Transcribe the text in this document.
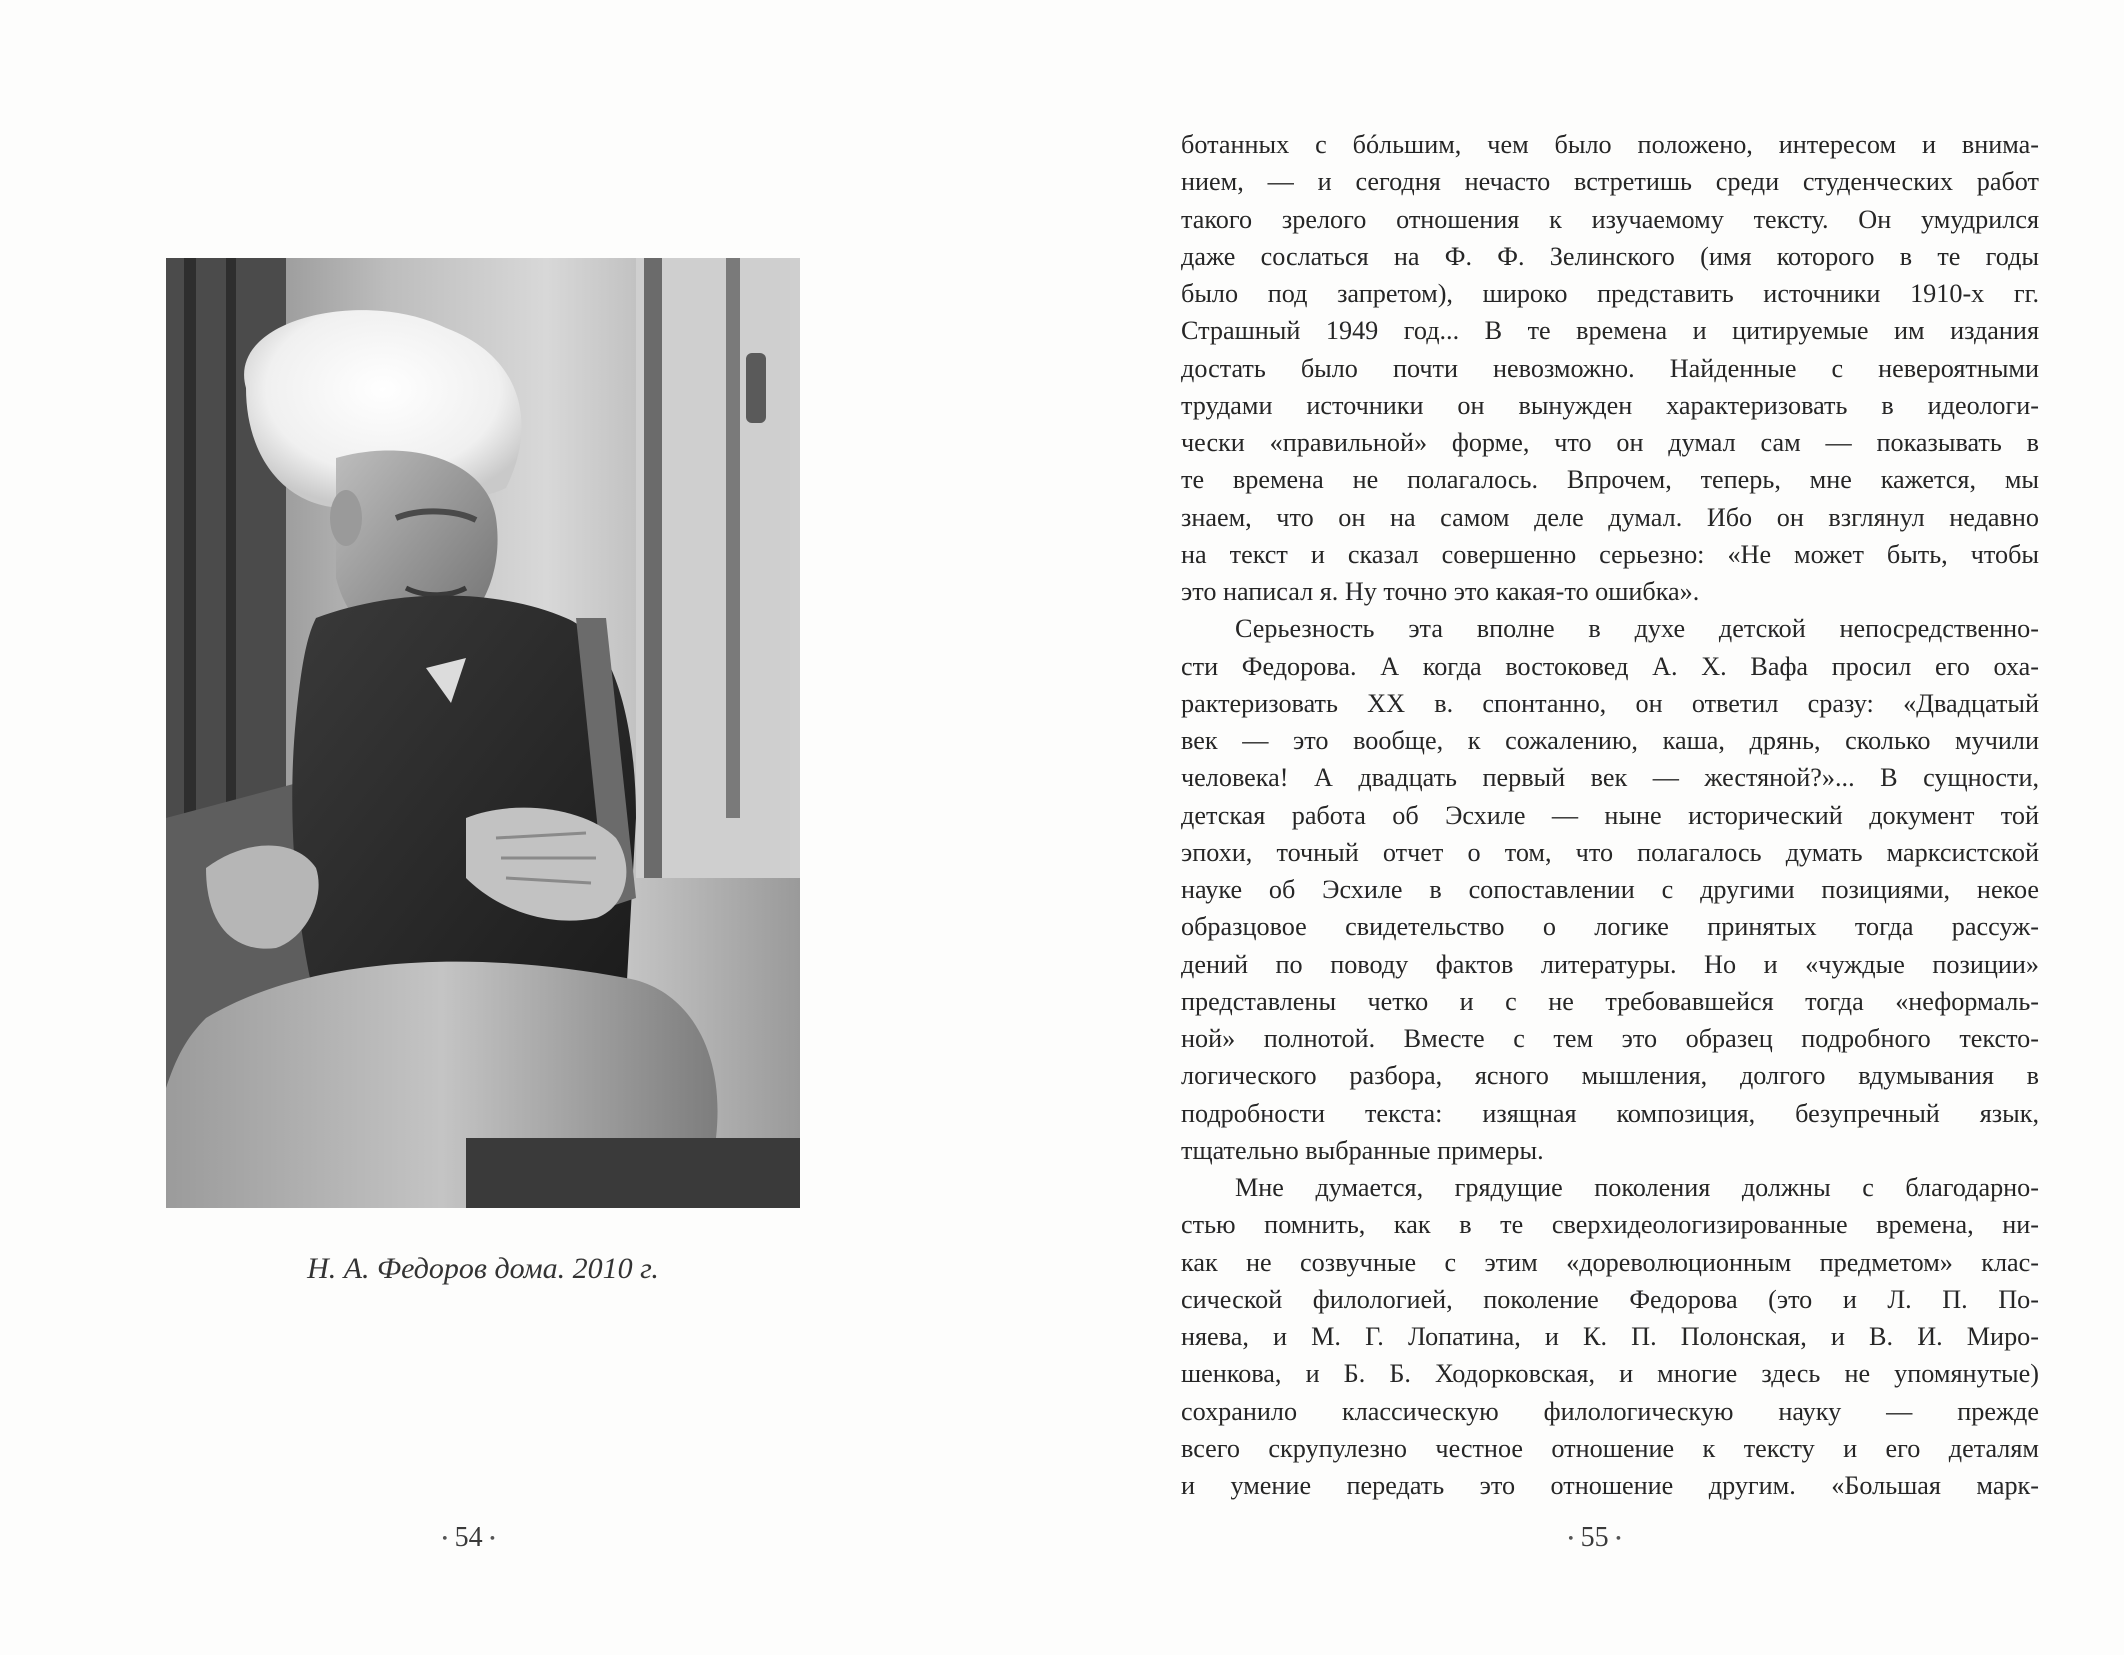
Н. А. Федоров дома. 2010 г.
• 54 •
ботанных с бóльшим, чем было положено, интересом и внима-
нием, — и сегодня нечасто встретишь среди студенческих работ
такого зрелого отношения к изучаемому тексту. Он умудрился
даже сослаться на Ф. Ф. Зелинского (имя которого в те годы
было под запретом), широко представить источники 1910-х гг.
Страшный 1949 год... В те времена и цитируемые им издания
достать было почти невозможно. Найденные с невероятными
трудами источники он вынужден характеризовать в идеологи-
чески «правильной» форме, что он думал сам — показывать в
те времена не полагалось. Впрочем, теперь, мне кажется, мы
знаем, что он на самом деле думал. Ибо он взглянул недавно
на текст и сказал совершенно серьезно: «Не может быть, чтобы
это написал я. Ну точно это какая-то ошибка».
Серьезность эта вполне в духе детской непосредственно-
сти Федорова. А когда востоковед А. Х. Вафа просил его оха-
рактеризовать XX в. спонтанно, он ответил сразу: «Двадцатый
век — это вообще, к сожалению, каша, дрянь, сколько мучили
человека! А двадцать первый век — жестяной?»... В сущности,
детская работа об Эсхиле — ныне исторический документ той
эпохи, точный отчет о том, что полагалось думать марксистской
науке об Эсхиле в сопоставлении с другими позициями, некое
образцовое свидетельство о логике принятых тогда рассуж-
дений по поводу фактов литературы. Но и «чуждые позиции»
представлены четко и с не требовавшейся тогда «неформаль-
ной» полнотой. Вместе с тем это образец подробного тексто-
логического разбора, ясного мышления, долгого вдумывания в
подробности текста: изящная композиция, безупречный язык,
тщательно выбранные примеры.
Мне думается, грядущие поколения должны с благодарно-
стью помнить, как в те сверхидеологизированные времена, ни-
как не созвучные с этим «дореволюционным предметом» клас-
сической филологией, поколение Федорова (это и Л. П. По-
няева, и М. Г. Лопатина, и К. П. Полонская, и В. И. Миро-
шенкова, и Б. Б. Ходорковская, и многие здесь не упомянутые)
сохранило классическую филологическую науку — прежде
всего скрупулезно честное отношение к тексту и его деталям
и умение передать это отношение другим. «Большая марк-
• 55 •
